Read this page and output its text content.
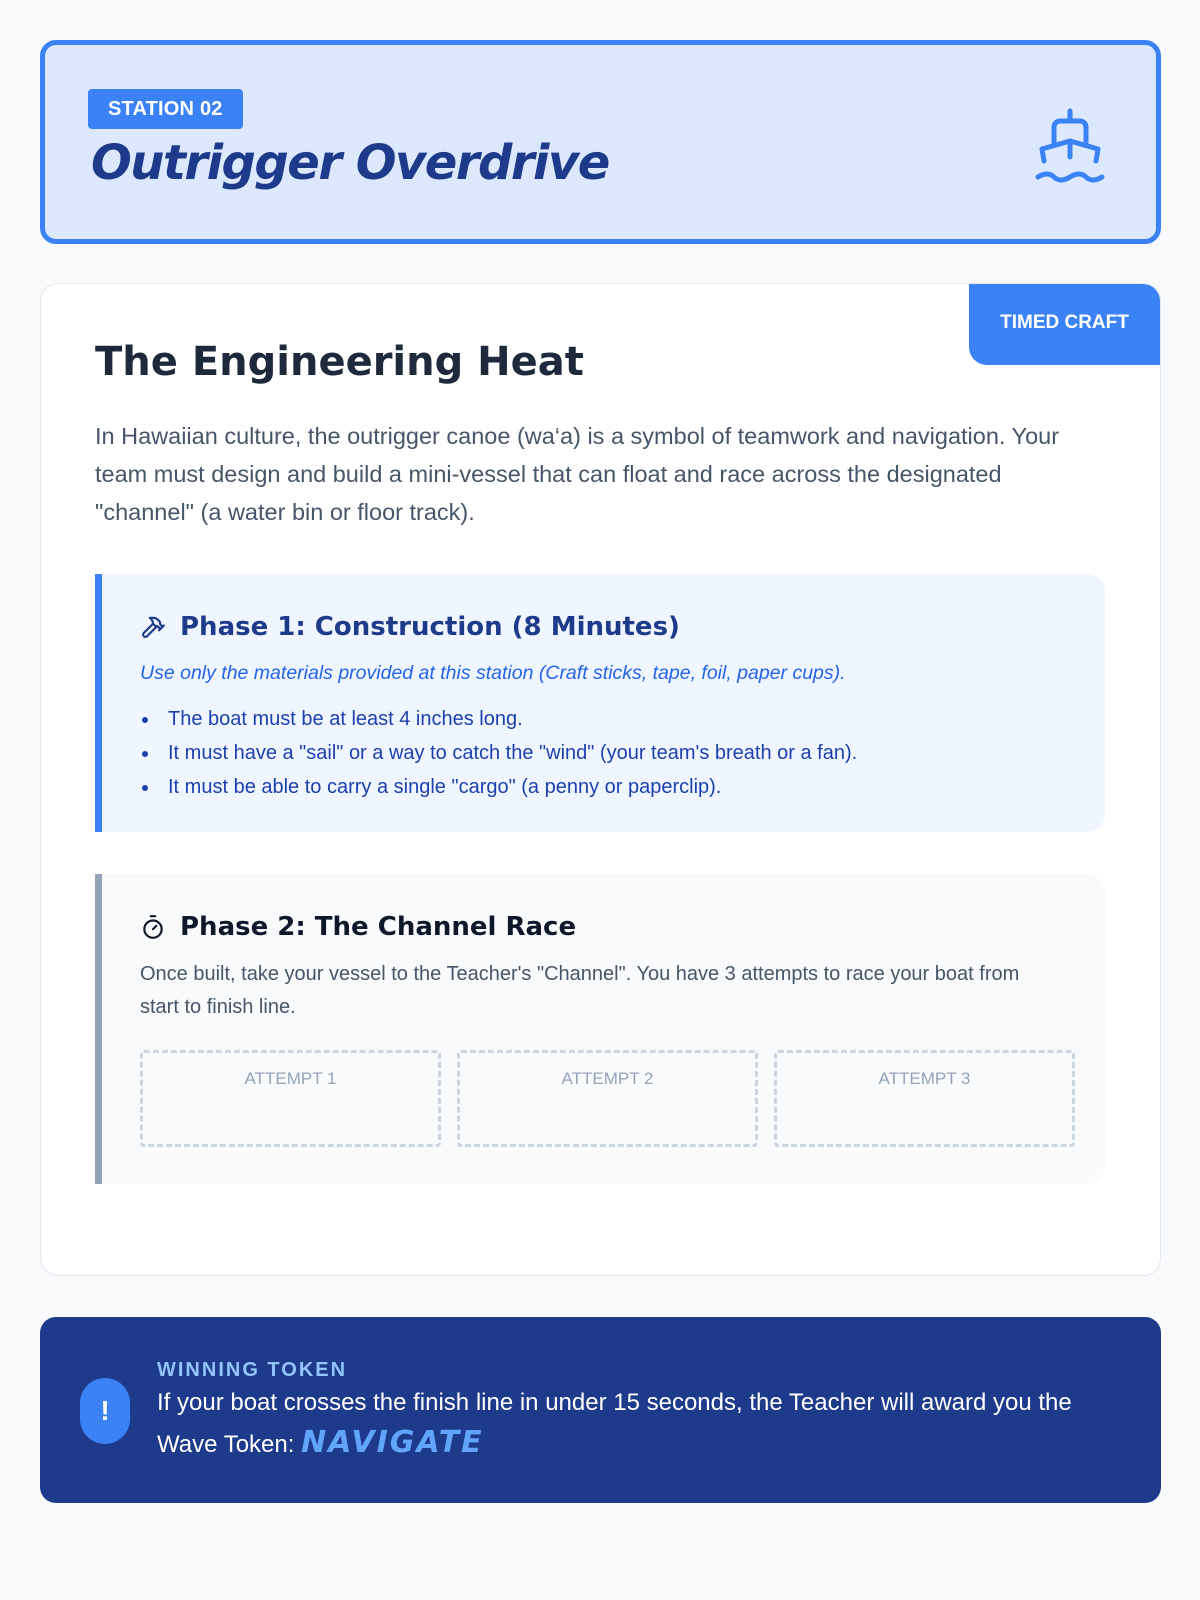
STATION 02
Outrigger Overdrive
TIMED CRAFT
The Engineering Heat
In Hawaiian culture, the outrigger canoe (wa‘a) is a symbol of teamwork and navigation. Your team must design and build a mini-vessel that can float and race across the designated "channel" (a water bin or floor track).
Phase 1: Construction (8 Minutes)
Use only the materials provided at this station (Craft sticks, tape, foil, paper cups).
The boat must be at least 4 inches long.
It must have a "sail" or a way to catch the "wind" (your team's breath or a fan).
It must be able to carry a single "cargo" (a penny or paperclip).
Phase 2: The Channel Race
Once built, take your vessel to the Teacher's "Channel". You have 3 attempts to race your boat from start to finish line.
ATTEMPT 1	ATTEMPT 2	ATTEMPT 3
!
WINNING TOKEN
If your boat crosses the finish line in under 15 seconds, the Teacher will award you the Wave Token: NAVIGATE
